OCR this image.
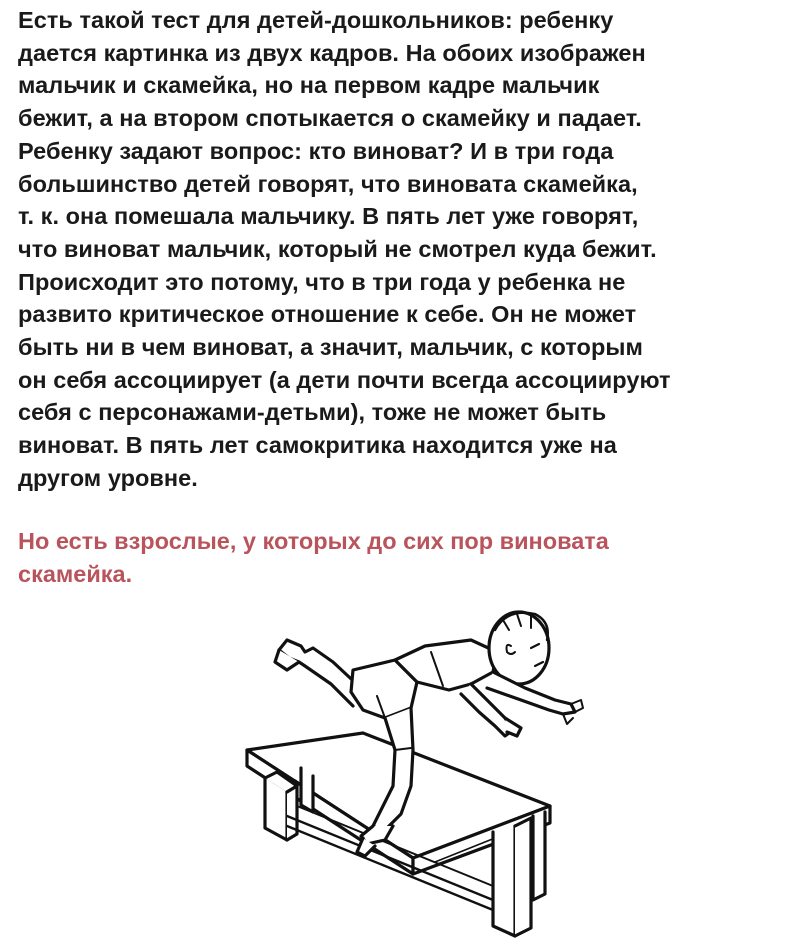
Есть такой тест для детей-дошкольников: ребенку
дается картинка из двух кадров. На обоих изображен
мальчик и скамейка, но на первом кадре мальчик
бежит, а на втором спотыкается о скамейку и падает.
Ребенку задают вопрос: кто виноват? И в три года
большинство детей говорят, что виновата скамейка,
т. к. она помешала мальчику. В пять лет уже говорят,
что виноват мальчик, который не смотрел куда бежит.
Происходит это потому, что в три года у ребенка не
развито критическое отношение к себе. Он не может
быть ни в чем виноват, а значит, мальчик, с которым
он себя ассоциирует (а дети почти всегда ассоциируют
себя с персонажами-детьми), тоже не может быть
виноват. В пять лет самокритика находится уже на
другом уровне.

Но есть взрослые, у которых до сих пор виновата
скамейка.
